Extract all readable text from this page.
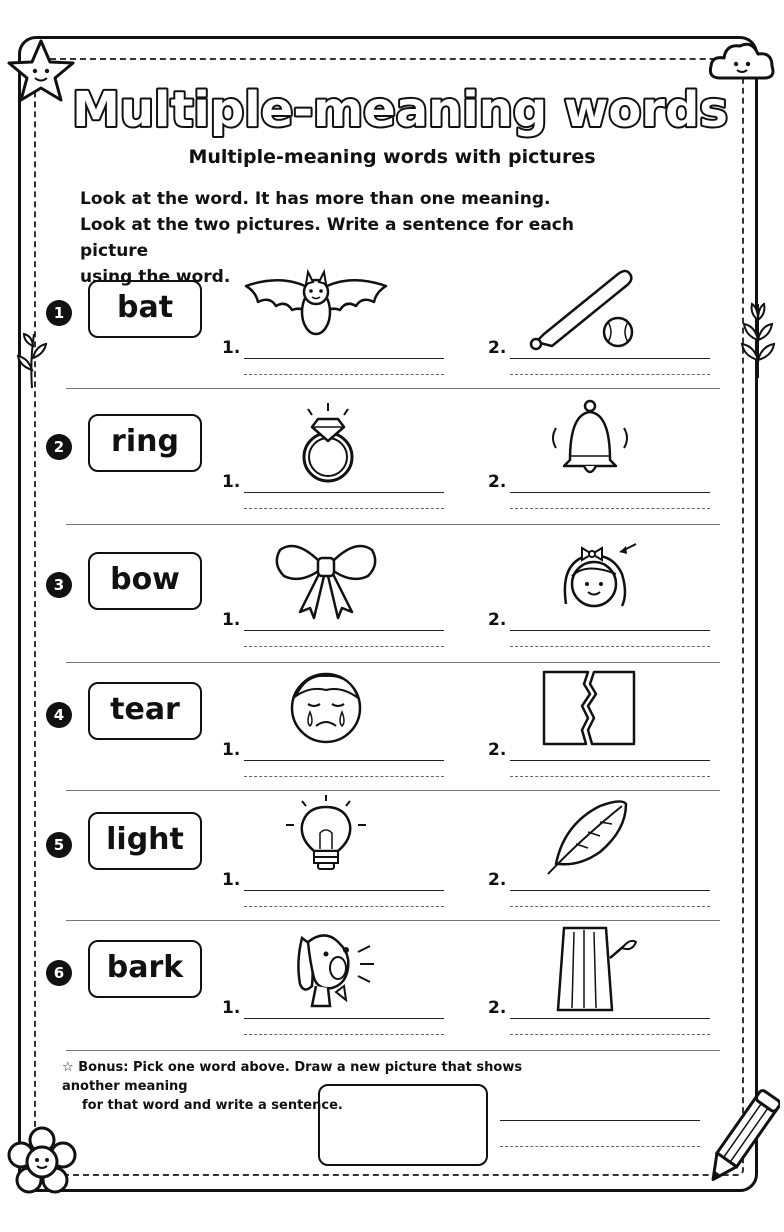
Multiple-meaning words
Multiple-meaning words with pictures
Look at the word. It has more than one meaning.
Look at the two pictures. Write a sentence for each picture
using the word.
1	bat
1.	2.
2	ring
1.	2.
3	bow
1.	2.
4	tear
1.	2.
5	light
1.	2.
6	bark
1.	2.
☆ Bonus: Pick one word above. Draw a new picture that shows another meaning
for that word and write a sentence.
